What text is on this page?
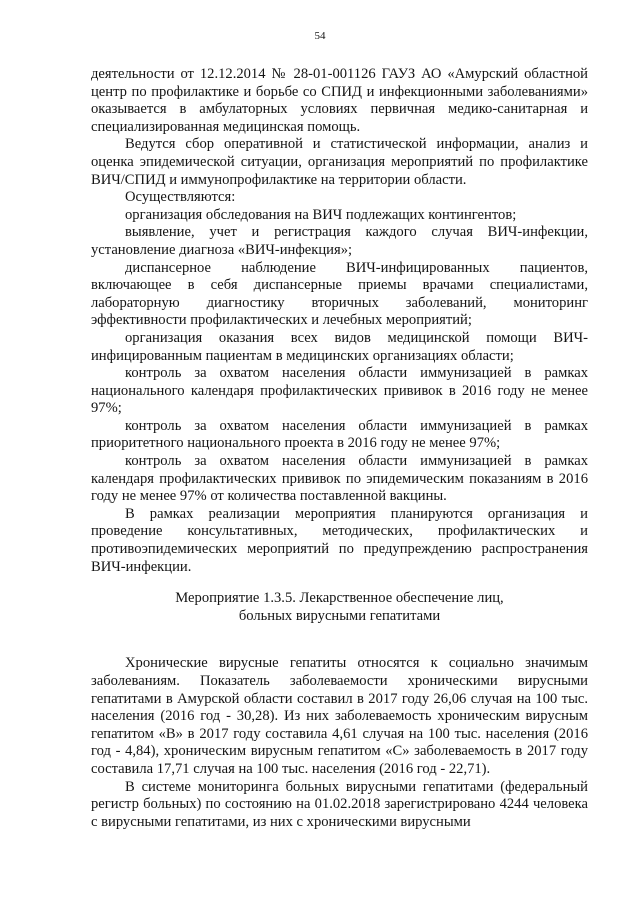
54

деятельности от 12.12.2014 № 28-01-001126 ГАУЗ АО «Амурский областной центр по профилактике и борьбе со СПИД и инфекционными заболеваниями» оказывается в амбулаторных условиях первичная медико-санитарная и специализированная медицинская помощь.

Ведутся сбор оперативной и статистической информации, анализ и оценка эпидемической ситуации, организация мероприятий по профилактике ВИЧ/СПИД и иммунопрофилактике на территории области.

Осуществляются:

организация обследования на ВИЧ подлежащих контингентов;

выявление, учет и регистрация каждого случая ВИЧ-инфекции, установление диагноза «ВИЧ-инфекция»;

диспансерное наблюдение ВИЧ-инфицированных пациентов, включающее в себя диспансерные приемы врачами специалистами, лабораторную диагностику вторичных заболеваний, мониторинг эффективности профилактических и лечебных мероприятий;

организация оказания всех видов медицинской помощи ВИЧ-инфицированным пациентам в медицинских организациях области;

контроль за охватом населения области иммунизацией в рамках национального календаря профилактических прививок в 2016 году не менее 97%;

контроль за охватом населения области иммунизацией в рамках приоритетного национального проекта в 2016 году не менее 97%;

контроль за охватом населения области иммунизацией в рамках календаря профилактических прививок по эпидемическим показаниям в 2016 году не менее 97% от количества поставленной вакцины.

В рамках реализации мероприятия планируются организация и проведение консультативных, методических, профилактических и противоэпидемических мероприятий по предупреждению распространения ВИЧ-инфекции.

Мероприятие 1.3.5. Лекарственное обеспечение лиц,
больных вирусными гепатитами

Хронические вирусные гепатиты относятся к социально значимым заболеваниям. Показатель заболеваемости хроническими вирусными гепатитами в Амурской области составил в 2017 году 26,06 случая на 100 тыс. населения (2016 год - 30,28). Из них заболеваемость хроническим вирусным гепатитом «В» в 2017 году составила 4,61 случая на 100 тыс. населения (2016 год - 4,84), хроническим вирусным гепатитом «С» заболеваемость в 2017 году составила 17,71 случая на 100 тыс. населения (2016 год - 22,71).

В системе мониторинга больных вирусными гепатитами (федеральный регистр больных) по состоянию на 01.02.2018 зарегистрировано 4244 человека с вирусными гепатитами, из них с хроническими вирусными
